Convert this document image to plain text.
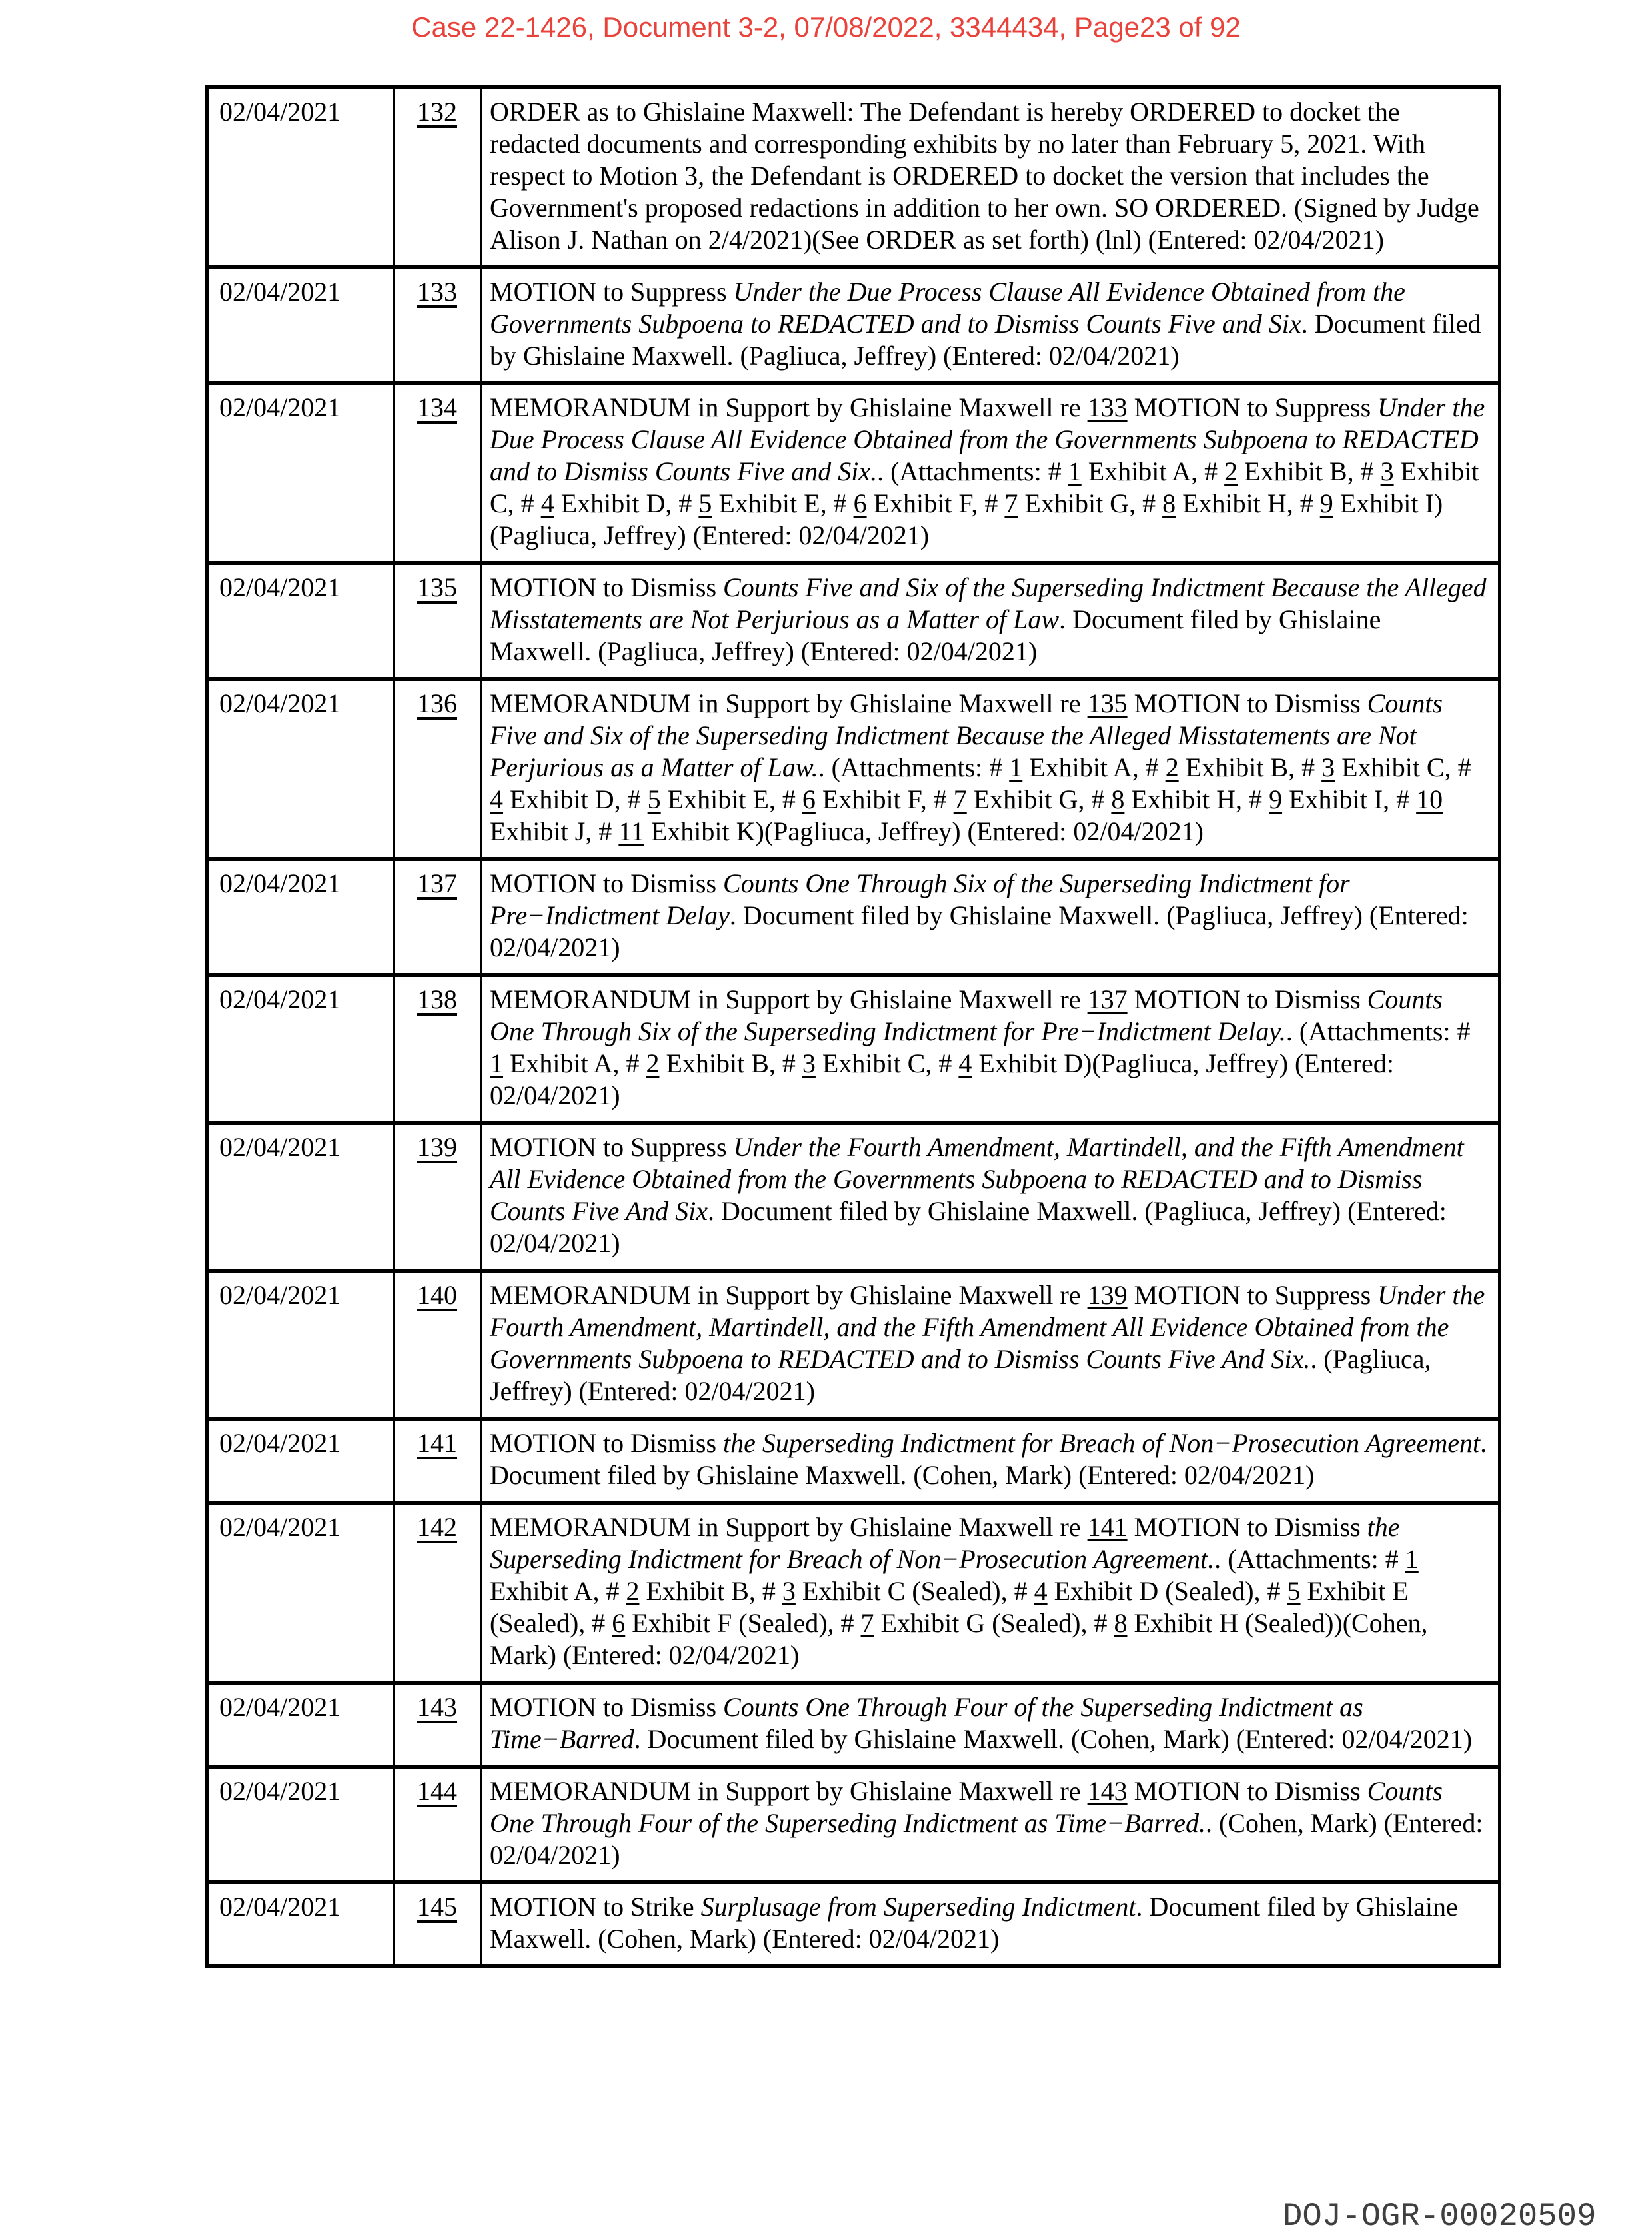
Case 22-1426, Document 3-2, 07/08/2022, 3344434, Page23 of 92
02/04/2021	132	ORDER as to Ghislaine Maxwell: The Defendant is hereby ORDERED to docket the redacted documents and corresponding exhibits by no later than February 5, 2021. With respect to Motion 3, the Defendant is ORDERED to docket the version that includes the Government's proposed redactions in addition to her own. SO ORDERED. (Signed by Judge Alison J. Nathan on 2/4/2021)(See ORDER as set forth) (lnl) (Entered: 02/04/2021)
02/04/2021	133	MOTION to Suppress Under the Due Process Clause All Evidence Obtained from the Governments Subpoena to REDACTED and to Dismiss Counts Five and Six. Document filed by Ghislaine Maxwell. (Pagliuca, Jeffrey) (Entered: 02/04/2021)
02/04/2021	134	MEMORANDUM in Support by Ghislaine Maxwell re 133 MOTION to Suppress Under the Due Process Clause All Evidence Obtained from the Governments Subpoena to REDACTED and to Dismiss Counts Five and Six.. (Attachments: # 1 Exhibit A, # 2 Exhibit B, # 3 Exhibit C, # 4 Exhibit D, # 5 Exhibit E, # 6 Exhibit F, # 7 Exhibit G, # 8 Exhibit H, # 9 Exhibit I)(Pagliuca, Jeffrey) (Entered: 02/04/2021)
02/04/2021	135	MOTION to Dismiss Counts Five and Six of the Superseding Indictment Because the Alleged Misstatements are Not Perjurious as a Matter of Law. Document filed by Ghislaine Maxwell. (Pagliuca, Jeffrey) (Entered: 02/04/2021)
02/04/2021	136	MEMORANDUM in Support by Ghislaine Maxwell re 135 MOTION to Dismiss Counts Five and Six of the Superseding Indictment Because the Alleged Misstatements are Not Perjurious as a Matter of Law.. (Attachments: # 1 Exhibit A, # 2 Exhibit B, # 3 Exhibit C, # 4 Exhibit D, # 5 Exhibit E, # 6 Exhibit F, # 7 Exhibit G, # 8 Exhibit H, # 9 Exhibit I, # 10 Exhibit J, # 11 Exhibit K)(Pagliuca, Jeffrey) (Entered: 02/04/2021)
02/04/2021	137	MOTION to Dismiss Counts One Through Six of the Superseding Indictment for Pre−Indictment Delay. Document filed by Ghislaine Maxwell. (Pagliuca, Jeffrey) (Entered: 02/04/2021)
02/04/2021	138	MEMORANDUM in Support by Ghislaine Maxwell re 137 MOTION to Dismiss Counts One Through Six of the Superseding Indictment for Pre−Indictment Delay.. (Attachments: # 1 Exhibit A, # 2 Exhibit B, # 3 Exhibit C, # 4 Exhibit D)(Pagliuca, Jeffrey) (Entered: 02/04/2021)
02/04/2021	139	MOTION to Suppress Under the Fourth Amendment, Martindell, and the Fifth Amendment All Evidence Obtained from the Governments Subpoena to REDACTED and to Dismiss Counts Five And Six. Document filed by Ghislaine Maxwell. (Pagliuca, Jeffrey) (Entered: 02/04/2021)
02/04/2021	140	MEMORANDUM in Support by Ghislaine Maxwell re 139 MOTION to Suppress Under the Fourth Amendment, Martindell, and the Fifth Amendment All Evidence Obtained from the Governments Subpoena to REDACTED and to Dismiss Counts Five And Six.. (Pagliuca, Jeffrey) (Entered: 02/04/2021)
02/04/2021	141	MOTION to Dismiss the Superseding Indictment for Breach of Non−Prosecution Agreement. Document filed by Ghislaine Maxwell. (Cohen, Mark) (Entered: 02/04/2021)
02/04/2021	142	MEMORANDUM in Support by Ghislaine Maxwell re 141 MOTION to Dismiss the Superseding Indictment for Breach of Non−Prosecution Agreement.. (Attachments: # 1 Exhibit A, # 2 Exhibit B, # 3 Exhibit C (Sealed), # 4 Exhibit D (Sealed), # 5 Exhibit E (Sealed), # 6 Exhibit F (Sealed), # 7 Exhibit G (Sealed), # 8 Exhibit H (Sealed))(Cohen, Mark) (Entered: 02/04/2021)
02/04/2021	143	MOTION to Dismiss Counts One Through Four of the Superseding Indictment as Time−Barred. Document filed by Ghislaine Maxwell. (Cohen, Mark) (Entered: 02/04/2021)
02/04/2021	144	MEMORANDUM in Support by Ghislaine Maxwell re 143 MOTION to Dismiss Counts One Through Four of the Superseding Indictment as Time−Barred.. (Cohen, Mark) (Entered: 02/04/2021)
02/04/2021	145	MOTION to Strike Surplusage from Superseding Indictment. Document filed by Ghislaine Maxwell. (Cohen, Mark) (Entered: 02/04/2021)
DOJ-OGR-00020509
